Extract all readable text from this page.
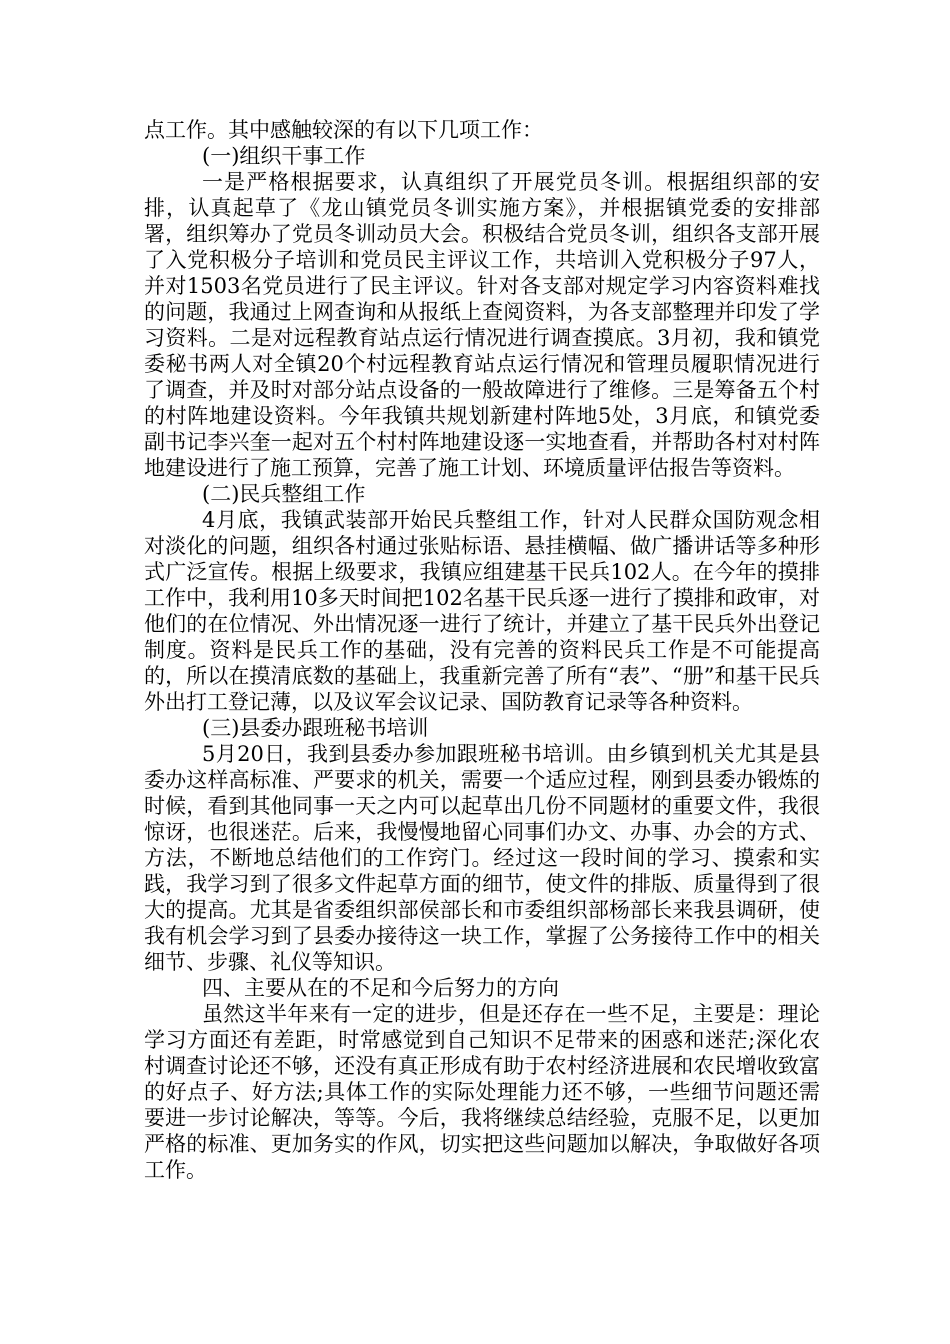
点工作。其中感触较深的有以下几项工作：

(一)组织干事工作

一是严格根据要求，认真组织了开展党员冬训。根据组织部的安排，认真起草了《龙山镇党员冬训实施方案》，并根据镇党委的安排部署，组织筹办了党员冬训动员大会。积极结合党员冬训，组织各支部开展了入党积极分子培训和党员民主评议工作，共培训入党积极分子97人，并对1503名党员进行了民主评议。针对各支部对规定学习内容资料难找的问题，我通过上网查询和从报纸上查阅资料，为各支部整理并印发了学习资料。二是对远程教育站点运行情况进行调查摸底。3月初，我和镇党委秘书两人对全镇20个村远程教育站点运行情况和管理员履职情况进行了调查，并及时对部分站点设备的一般故障进行了维修。三是筹备五个村的村阵地建设资料。今年我镇共规划新建村阵地5处，3月底，和镇党委副书记李兴奎一起对五个村村阵地建设逐一实地查看，并帮助各村对村阵地建设进行了施工预算，完善了施工计划、环境质量评估报告等资料。

(二)民兵整组工作

4月底，我镇武装部开始民兵整组工作，针对人民群众国防观念相对淡化的问题，组织各村通过张贴标语、悬挂横幅、做广播讲话等多种形式广泛宣传。根据上级要求，我镇应组建基干民兵102人。在今年的摸排工作中，我利用10多天时间把102名基干民兵逐一进行了摸排和政审，对他们的在位情况、外出情况逐一进行了统计，并建立了基干民兵外出登记制度。资料是民兵工作的基础，没有完善的资料民兵工作是不可能提高的，所以在摸清底数的基础上，我重新完善了所有“表”、“册”和基干民兵外出打工登记薄，以及议军会议记录、国防教育记录等各种资料。

(三)县委办跟班秘书培训

5月20日，我到县委办参加跟班秘书培训。由乡镇到机关尤其是县委办这样高标准、严要求的机关，需要一个适应过程，刚到县委办锻炼的时候，看到其他同事一天之内可以起草出几份不同题材的重要文件，我很惊讶，也很迷茫。后来，我慢慢地留心同事们办文、办事、办会的方式、方法，不断地总结他们的工作窍门。经过这一段时间的学习、摸索和实践，我学习到了很多文件起草方面的细节，使文件的排版、质量得到了很大的提高。尤其是省委组织部侯部长和市委组织部杨部长来我县调研，使我有机会学习到了县委办接待这一块工作，掌握了公务接待工作中的相关细节、步骤、礼仪等知识。

四、主要从在的不足和今后努力的方向

虽然这半年来有一定的进步，但是还存在一些不足，主要是：理论学习方面还有差距，时常感觉到自己知识不足带来的困惑和迷茫;深化农村调查讨论还不够，还没有真正形成有助于农村经济进展和农民增收致富的好点子、好方法;具体工作的实际处理能力还不够，一些细节问题还需要进一步讨论解决，等等。今后，我将继续总结经验，克服不足，以更加严格的标准、更加务实的作风，切实把这些问题加以解决，争取做好各项工作。
